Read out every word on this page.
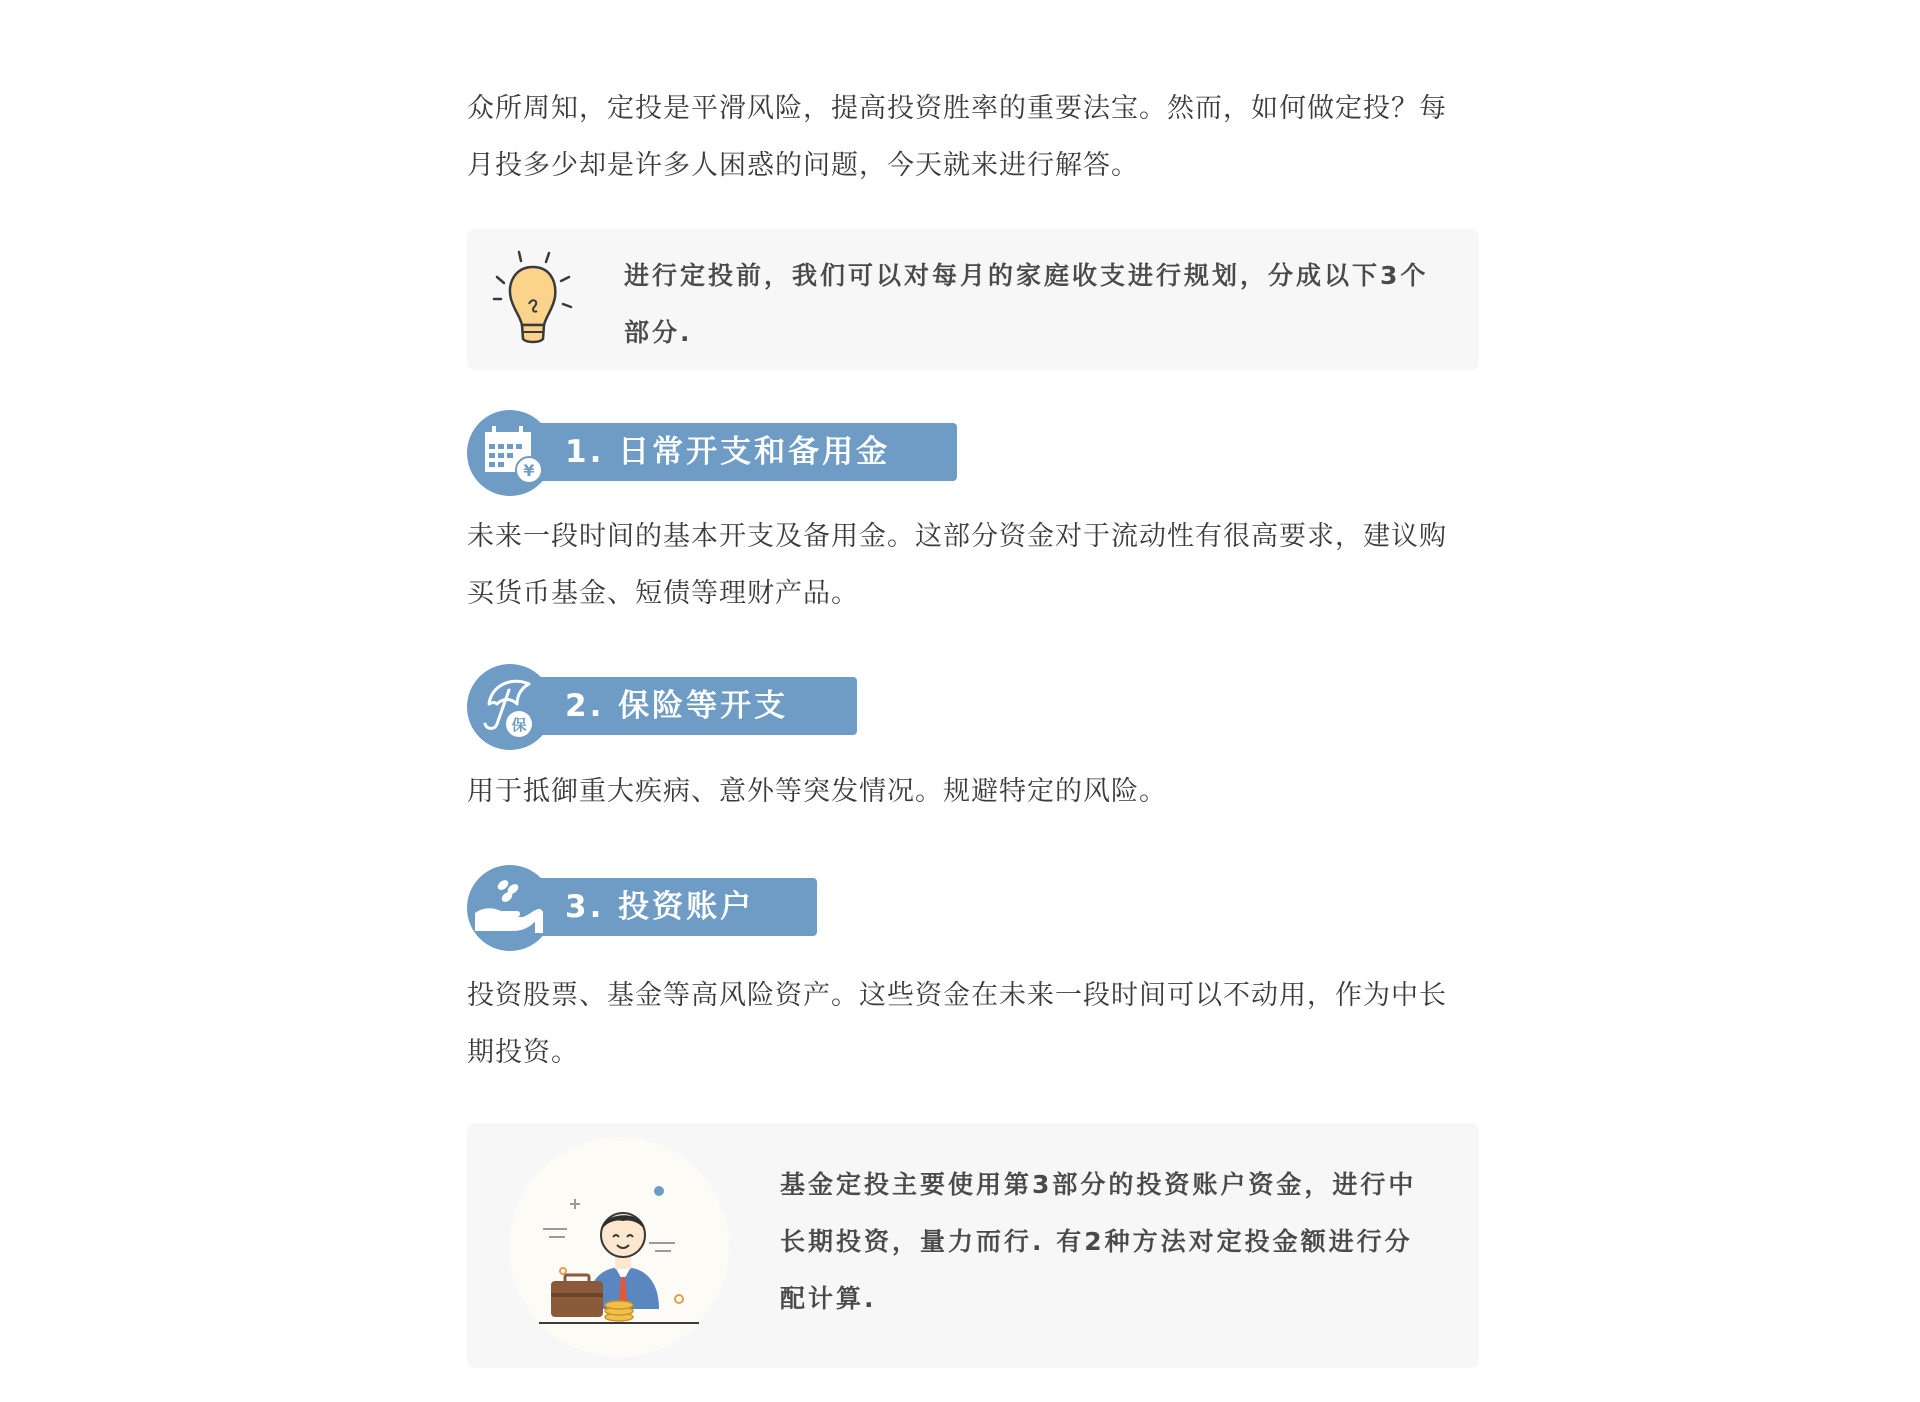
众所周知，定投是平滑风险，提高投资胜率的重要法宝。然而，如何做定投？每
月投多少却是许多人困惑的问题，今天就来进行解答。
进行定投前，我们可以对每月的家庭收支进行规划，分成以下3个
部分.
1. 日常开支和备用金
¥
未来一段时间的基本开支及备用金。这部分资金对于流动性有很高要求，建议购
买货币基金、短债等理财产品。
2. 保险等开支
保
用于抵御重大疾病、意外等突发情况。规避特定的风险。
3. 投资账户
投资股票、基金等高风险资产。这些资金在未来一段时间可以不动用，作为中长
期投资。
基金定投主要使用第3部分的投资账户资金，进行中
长期投资，量力而行. 有2种方法对定投金额进行分
配计算.
